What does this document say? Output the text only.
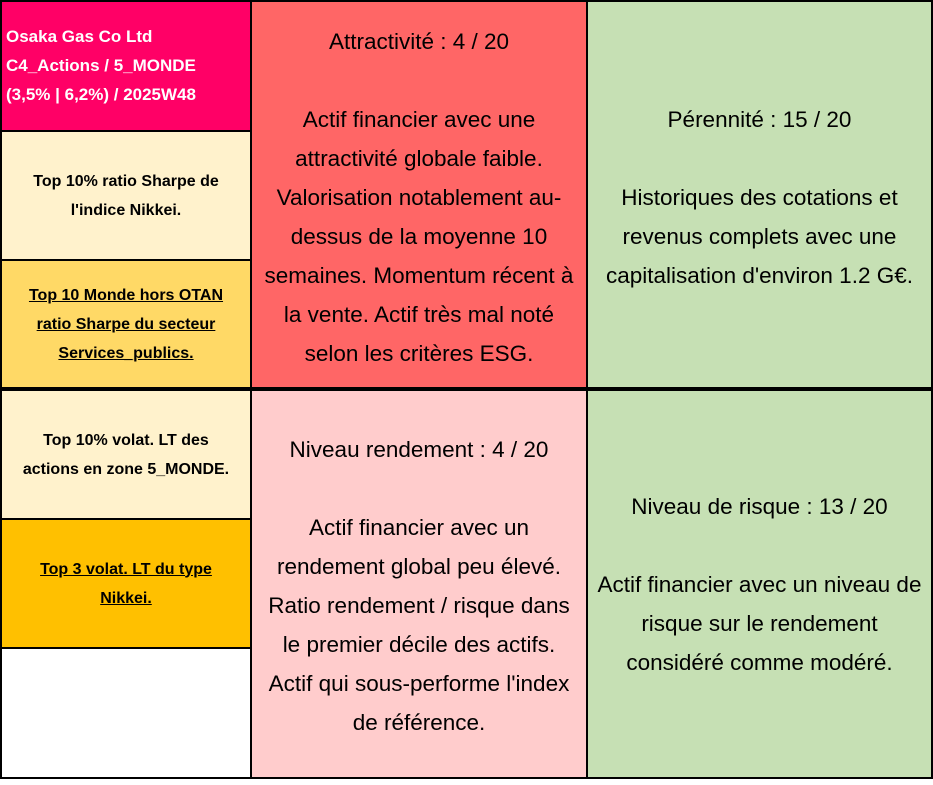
Osaka Gas Co Ltd
C4_Actions / 5_MONDE
(3,5% | 6,2%) / 2025W48
Top 10% ratio Sharpe de
l'indice Nikkei.
Top 10 Monde hors OTAN
ratio Sharpe du secteur
Services_publics.
Top 10% volat. LT des
actions en zone 5_MONDE.
Top 3 volat. LT du type
Nikkei.

Attractivité : 4 / 20

Actif financier avec une

attractivité globale faible.

Valorisation notablement au-

dessus de la moyenne 10

semaines. Momentum récent à

la vente. Actif très mal noté

selon les critères ESG.

Pérennité : 15 / 20

Historiques des cotations et

revenus complets avec une

capitalisation d'environ 1.2 G€.

Niveau rendement : 4 / 20

Actif financier avec un

rendement global peu élevé.

Ratio rendement / risque dans

le premier décile des actifs.

Actif qui sous-performe l'index

de référence.

Niveau de risque : 13 / 20

Actif financier avec un niveau de

risque sur le rendement

considéré comme modéré.
